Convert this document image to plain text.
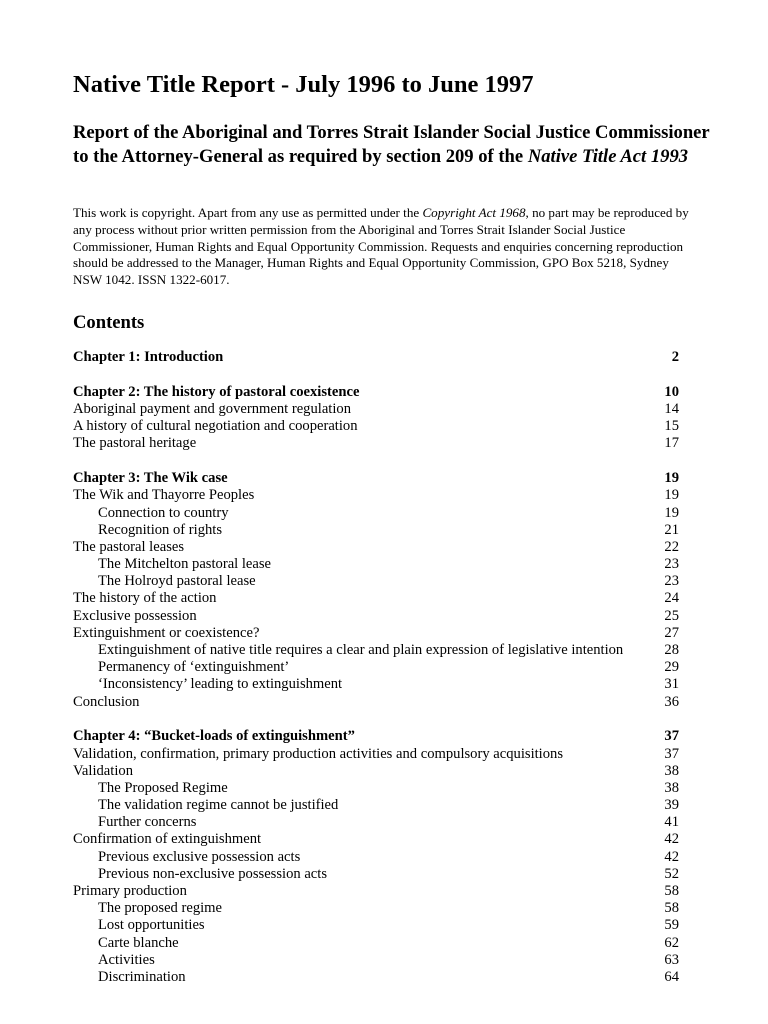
Native Title Report - July 1996 to June 1997
Report of the Aboriginal and Torres Strait Islander Social Justice Commissioner to the Attorney-General as required by section 209 of the Native Title Act 1993

This work is copyright. Apart from any use as permitted under the Copyright Act 1968, no part may be reproduced by any process without prior written permission from the Aboriginal and Torres Strait Islander Social Justice Commissioner, Human Rights and Equal Opportunity Commission. Requests and enquiries concerning reproduction should be addressed to the Manager, Human Rights and Equal Opportunity Commission, GPO Box 5218, Sydney NSW 1042. ISSN 1322-6017.

Contents
Chapter 1: Introduction	2
Chapter 2: The history of pastoral coexistence	10
Aboriginal payment and government regulation	14
A history of cultural negotiation and cooperation	15
The pastoral heritage	17
Chapter 3: The Wik case	19
The Wik and Thayorre Peoples	19
Connection to country	19
Recognition of rights	21
The pastoral leases	22
The Mitchelton pastoral lease	23
The Holroyd pastoral lease	23
The history of the action	24
Exclusive possession	25
Extinguishment or coexistence?	27
Extinguishment of native title requires a clear and plain expression of legislative intention	28
Permanency of ‘extinguishment’	29
‘Inconsistency’ leading to extinguishment	31
Conclusion	36
Chapter 4: “Bucket-loads of extinguishment”	37
Validation, confirmation, primary production activities and compulsory acquisitions	37
Validation	38
The Proposed Regime	38
The validation regime cannot be justified	39
Further concerns	41
Confirmation of extinguishment	42
Previous exclusive possession acts	42
Previous non-exclusive possession acts	52
Primary production	58
The proposed regime	58
Lost opportunities	59
Carte blanche	62
Activities	63
Discrimination	64
